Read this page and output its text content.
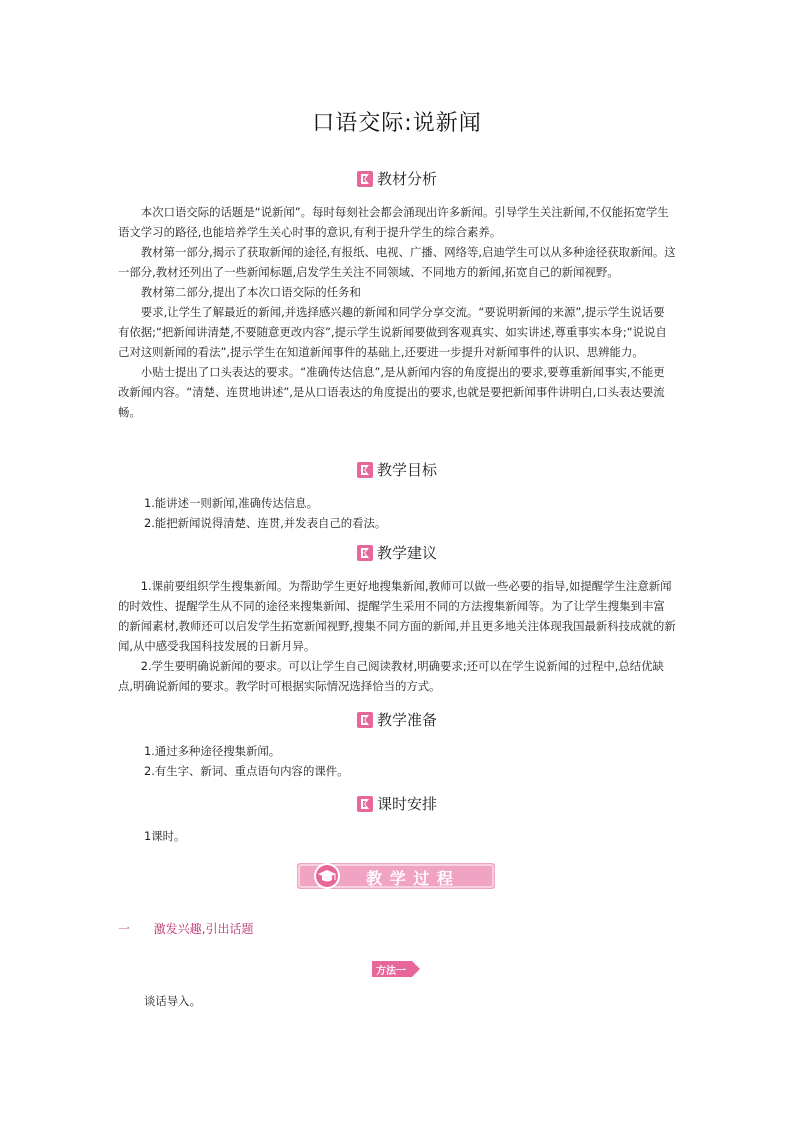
口语交际:说新闻
教材分析

本次口语交际的话题是“说新闻”。每时每刻社会都会涌现出许多新闻。引导学生关注新闻,不仅能拓宽学生语文学习的路径,也能培养学生关心时事的意识,有利于提升学生的综合素养。

教材第一部分,揭示了获取新闻的途径,有报纸、电视、广播、网络等,启迪学生可以从多种途径获取新闻。这一部分,教材还列出了一些新闻标题,启发学生关注不同领域、不同地方的新闻,拓宽自己的新闻视野。

教材第二部分,提出了本次口语交际的任务和

要求,让学生了解最近的新闻,并选择感兴趣的新闻和同学分享交流。“要说明新闻的来源”,提示学生说话要有依据;“把新闻讲清楚,不要随意更改内容”,提示学生说新闻要做到客观真实、如实讲述,尊重事实本身;“说说自己对这则新闻的看法”,提示学生在知道新闻事件的基础上,还要进一步提升对新闻事件的认识、思辨能力。

小贴士提出了口头表达的要求。“准确传达信息”,是从新闻内容的角度提出的要求,要尊重新闻事实,不能更改新闻内容。“清楚、连贯地讲述”,是从口语表达的角度提出的要求,也就是要把新闻事件讲明白,口头表达要流畅。

教学目标

1.能讲述一则新闻,准确传达信息。

2.能把新闻说得清楚、连贯,并发表自己的看法。

教学建议

1.课前要组织学生搜集新闻。为帮助学生更好地搜集新闻,教师可以做一些必要的指导,如提醒学生注意新闻的时效性、提醒学生从不同的途径来搜集新闻、提醒学生采用不同的方法搜集新闻等。为了让学生搜集到丰富的新闻素材,教师还可以启发学生拓宽新闻视野,搜集不同方面的新闻,并且更多地关注体现我国最新科技成就的新闻,从中感受我国科技发展的日新月异。

2.学生要明确说新闻的要求。可以让学生自己阅读教材,明确要求;还可以在学生说新闻的过程中,总结优缺点,明确说新闻的要求。教学时可根据实际情况选择恰当的方式。

教学准备

1.通过多种途径搜集新闻。

2.有生字、新词、重点语句内容的课件。

课时安排

1课时。

教 学 过 程
一 激发兴趣,引出话题
方法一

谈话导入。
